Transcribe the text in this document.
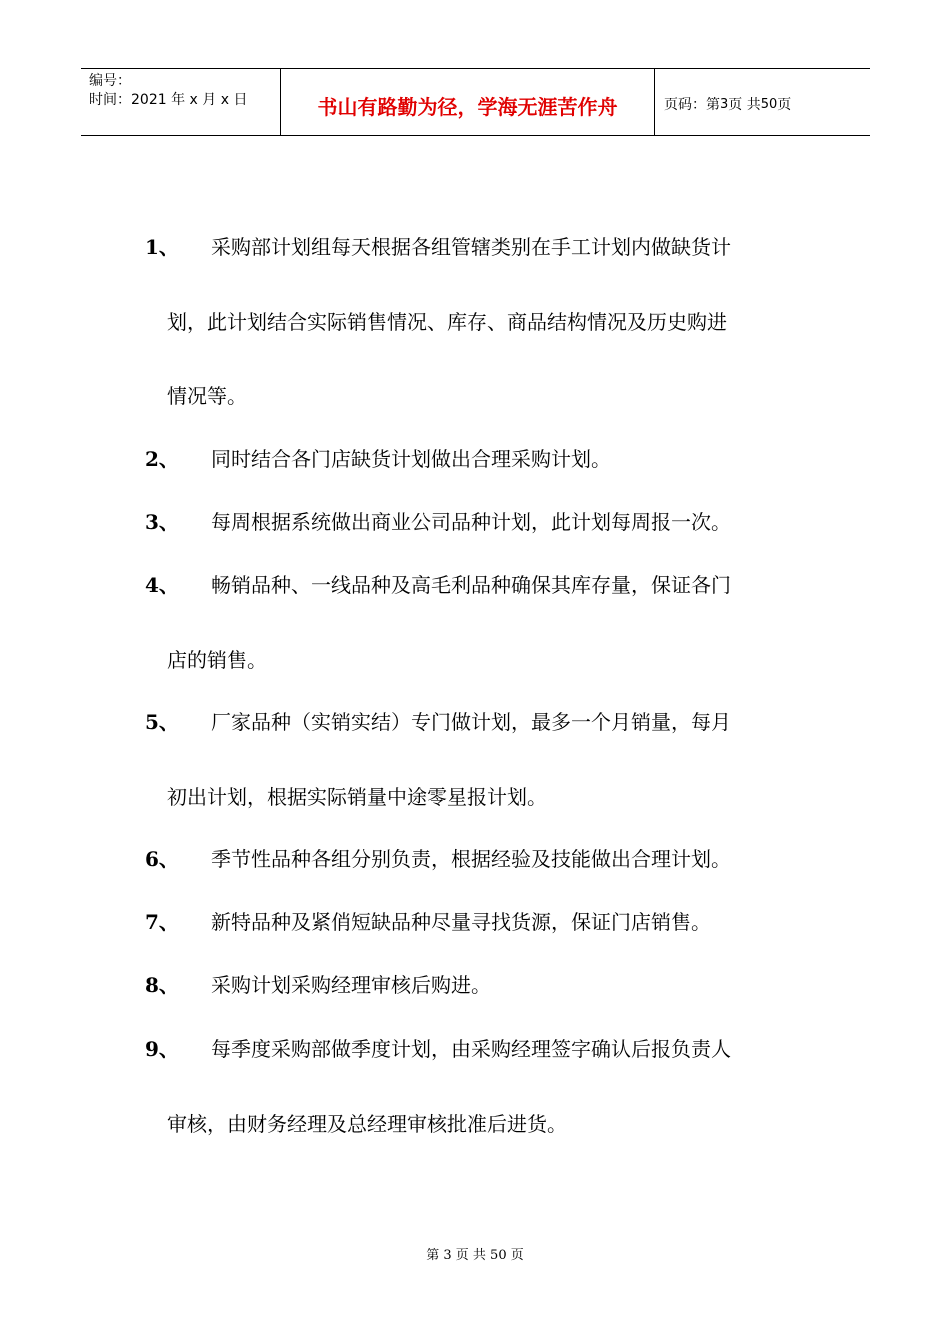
编号：
时间：2021 年 x 月 x 日	书山有路勤为径，学海无涯苦作舟	页码：第 3 页 共 50 页
1、 采购部计划组每天根据各组管辖类别在手工计划内做缺货计
划，此计划结合实际销售情况、库存、商品结构情况及历史购进
情况等。
2、 同时结合各门店缺货计划做出合理采购计划。
3、 每周根据系统做出商业公司品种计划，此计划每周报一次。
4、 畅销品种、一线品种及高毛利品种确保其库存量，保证各门
店的销售。
5、 厂家品种（实销实结）专门做计划，最多一个月销量，每月
初出计划，根据实际销量中途零星报计划。
6、 季节性品种各组分别负责，根据经验及技能做出合理计划。
7、 新特品种及紧俏短缺品种尽量寻找货源，保证门店销售。
8、 采购计划采购经理审核后购进。
9、 每季度采购部做季度计划，由采购经理签字确认后报负责人
审核，由财务经理及总经理审核批准后进货。
第 3 页 共 50 页
